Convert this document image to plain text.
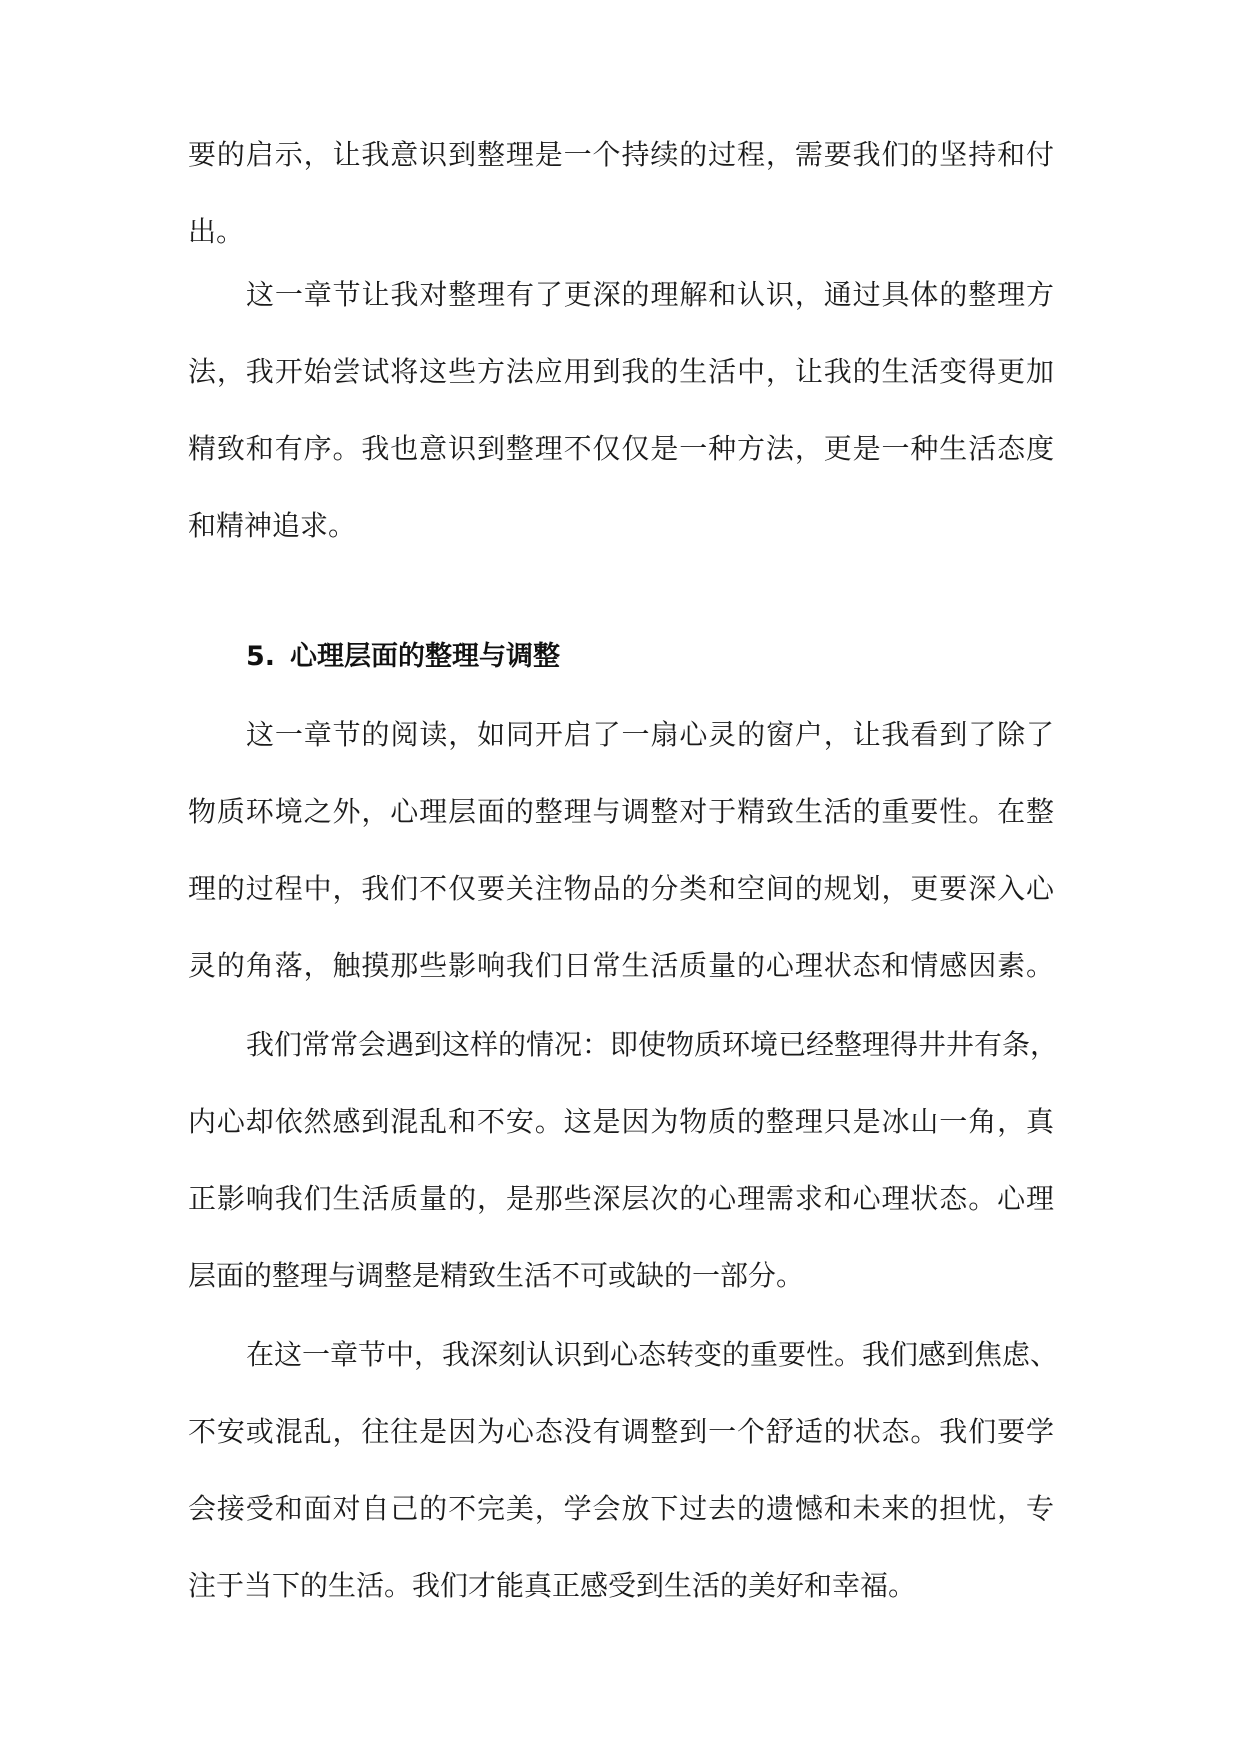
要的启示，让我意识到整理是一个持续的过程，需要我们的坚持和付
出。
这一章节让我对整理有了更深的理解和认识，通过具体的整理方
法，我开始尝试将这些方法应用到我的生活中，让我的生活变得更加
精致和有序。我也意识到整理不仅仅是一种方法，更是一种生活态度
和精神追求。
5. 心理层面的整理与调整
这一章节的阅读，如同开启了一扇心灵的窗户，让我看到了除了
物质环境之外，心理层面的整理与调整对于精致生活的重要性。在整
理的过程中，我们不仅要关注物品的分类和空间的规划，更要深入心
灵的角落，触摸那些影响我们日常生活质量的心理状态和情感因素。
我们常常会遇到这样的情况：即使物质环境已经整理得井井有条，
内心却依然感到混乱和不安。这是因为物质的整理只是冰山一角，真
正影响我们生活质量的，是那些深层次的心理需求和心理状态。心理
层面的整理与调整是精致生活不可或缺的一部分。
在这一章节中，我深刻认识到心态转变的重要性。我们感到焦虑、
不安或混乱，往往是因为心态没有调整到一个舒适的状态。我们要学
会接受和面对自己的不完美，学会放下过去的遗憾和未来的担忧，专
注于当下的生活。我们才能真正感受到生活的美好和幸福。
